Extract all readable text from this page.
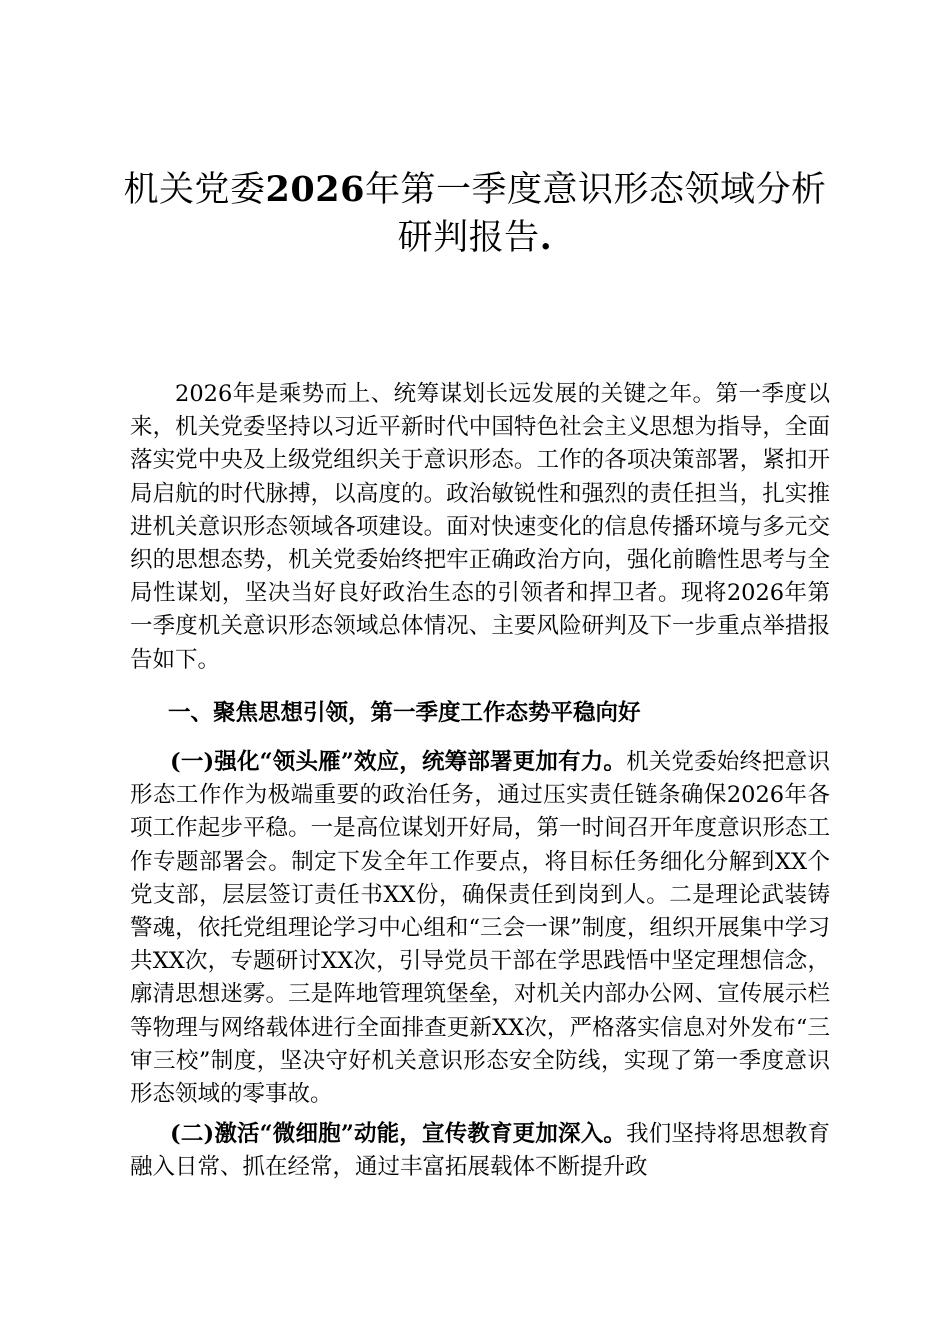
机关党委2026年第一季度意识形态领域分析
研判报告.
2026年是乘势而上、统筹谋划长远发展的关键之年。第一季度以来，机关党委坚持以习近平新时代中国特色社会主义思想为指导，全面落实党中央及上级党组织关于意识形态。工作的各项决策部署，紧扣开局启航的时代脉搏，以高度的。政治敏锐性和强烈的责任担当，扎实推进机关意识形态领域各项建设。面对快速变化的信息传播环境与多元交织的思想态势，机关党委始终把牢正确政治方向，强化前瞻性思考与全局性谋划，坚决当好良好政治生态的引领者和捍卫者。现将2026年第一季度机关意识形态领域总体情况、主要风险研判及下一步重点举措报告如下。
一、聚焦思想引领，第一季度工作态势平稳向好
(一)强化“领头雁”效应，统筹部署更加有力。机关党委始终把意识形态工作作为极端重要的政治任务，通过压实责任链条确保2026年各项工作起步平稳。一是高位谋划开好局，第一时间召开年度意识形态工作专题部署会。制定下发全年工作要点，将目标任务细化分解到XX个党支部，层层签订责任书XX份，确保责任到岗到人。二是理论武装铸警魂，依托党组理论学习中心组和“三会一课”制度，组织开展集中学习共XX次，专题研讨XX次，引导党员干部在学思践悟中坚定理想信念，廓清思想迷雾。三是阵地管理筑堡垒，对机关内部办公网、宣传展示栏等物理与网络载体进行全面排查更新XX次，严格落实信息对外发布“三审三校”制度，坚决守好机关意识形态安全防线，实现了第一季度意识形态领域的零事故。
(二)激活“微细胞”动能，宣传教育更加深入。我们坚持将思想教育融入日常、抓在经常，通过丰富拓展载体不断提升政
